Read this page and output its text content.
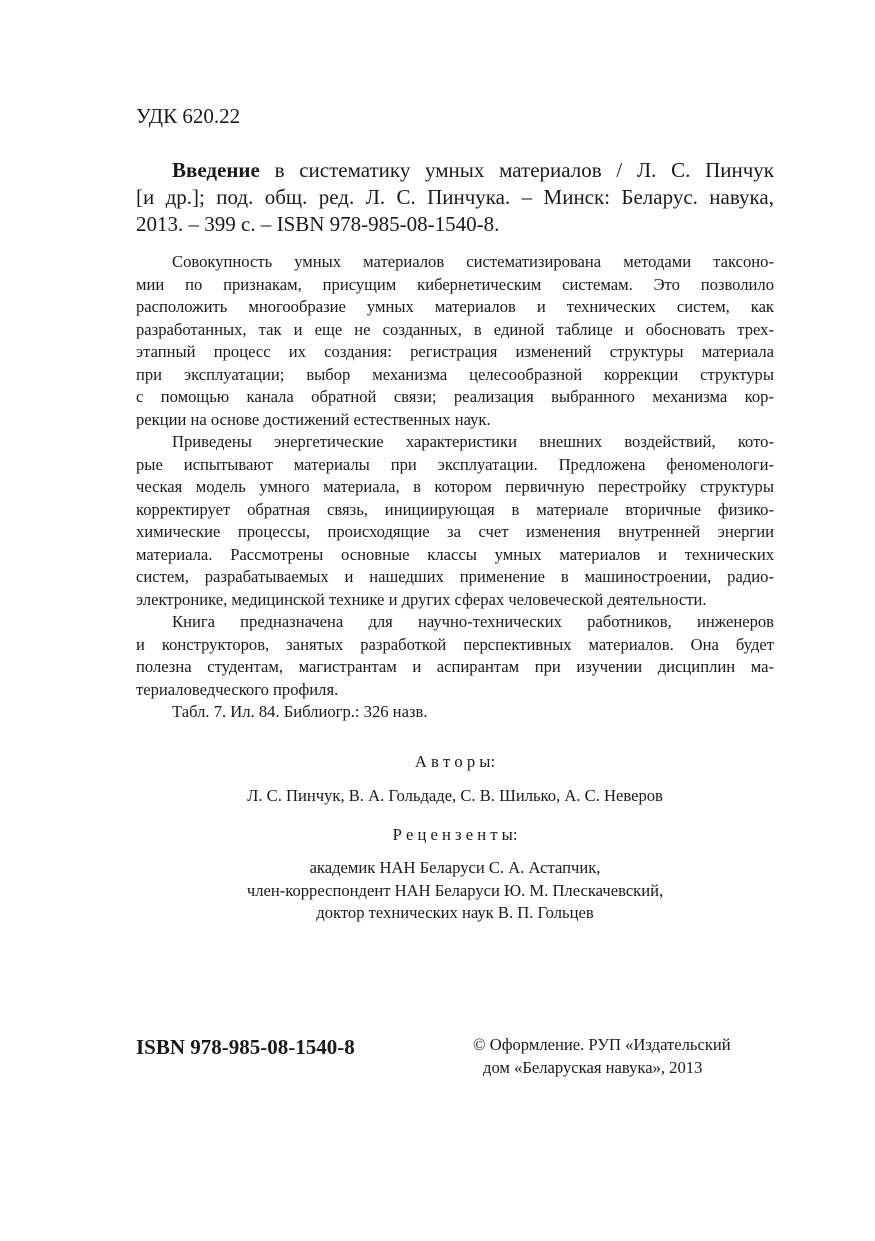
УДК 620.22
Введение в систематику умных материалов / Л. С. Пинчук
[и др.]; под. общ. ред. Л. С. Пинчука. – Минск: Беларус. навука,
2013. – 399 с. – ISBN 978-985-08-1540-8.
Совокупность умных материалов систематизирована методами таксоно-
мии по признакам, присущим кибернетическим системам. Это позволило
расположить многообразие умных материалов и технических систем, как
разработанных, так и еще не созданных, в единой таблице и обосновать трех-
этапный процесс их создания: регистрация изменений структуры материала
при эксплуатации; выбор механизма целесообразной коррекции структуры
с помощью канала обратной связи; реализация выбранного механизма кор-
рекции на основе достижений естественных наук.
Приведены энергетические характеристики внешних воздействий, кото-
рые испытывают материалы при эксплуатации. Предложена феноменологи-
ческая модель умного материала, в котором первичную перестройку структуры
корректирует обратная связь, инициирующая в материале вторичные физико-
химические процессы, происходящие за счет изменения внутренней энергии
материала. Рассмотрены основные классы умных материалов и технических
систем, разрабатываемых и нашедших применение в машиностроении, радио-
электронике, медицинской технике и других сферах человеческой деятельности.
Книга предназначена для научно-технических работников, инженеров
и конструкторов, занятых разработкой перспективных материалов. Она будет
полезна студентам, магистрантам и аспирантам при изучении дисциплин ма-
териаловедческого профиля.
Табл. 7. Ил. 84. Библиогр.: 326 назв.
А в т о р ы:
Л. С. Пинчук, В. А. Гольдаде, С. В. Шилько, А. С. Неверов
Р е ц е н з е н т ы:
академик НАН Беларуси С. А. Астапчик,
член-корреспондент НАН Беларуси Ю. М. Плескачевский,
доктор технических наук В. П. Гольцев
ISBN 978-985-08-1540-8	© Оформление. РУП «Издательский
дом «Беларуская навука», 2013
